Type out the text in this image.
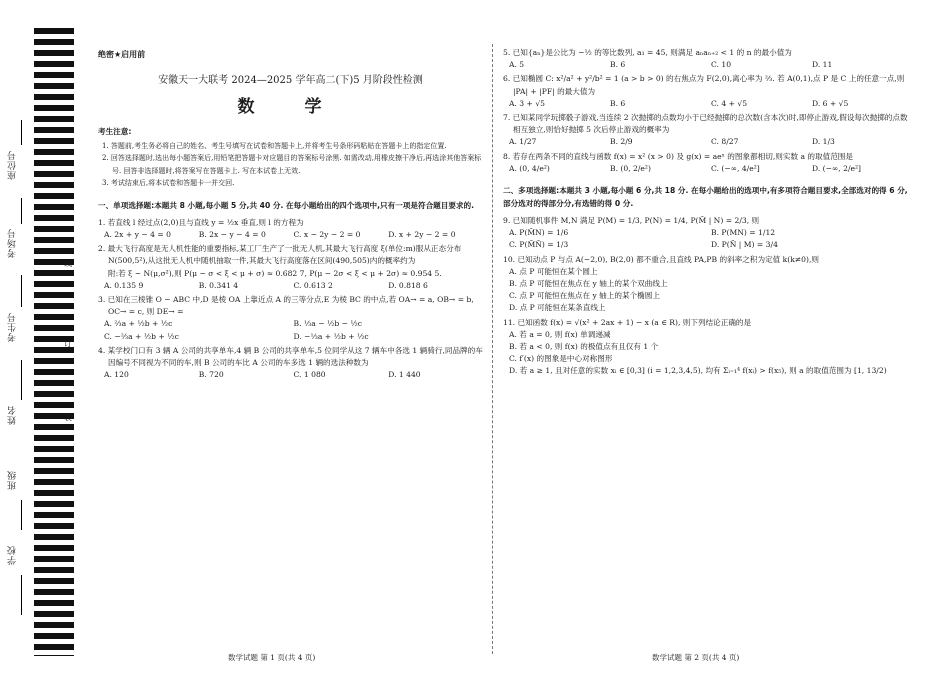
座位号
考场号
考生号
姓名
班级
学校
线
订
装
绝密★启用前
安徽天一大联考 2024—2025 学年高二(下)5 月阶段性检测
数 学
考生注意:
1. 答题前,考生务必将自己的姓名、考生号填写在试卷和答题卡上,并将考生号条形码粘贴在答题卡上的指定位置.
2. 回答选择题时,选出每小题答案后,用铅笔把答题卡对应题目的答案标号涂黑. 如需改动,用橡皮擦干净后,再选涂其他答案标号. 回答非选择题时,将答案写在答题卡上. 写在本试卷上无效.
3. 考试结束后,将本试卷和答题卡一并交回.
一、单项选择题:本题共 8 小题,每小题 5 分,共 40 分. 在每小题给出的四个选项中,只有一项是符合题目要求的.
1. 若直线 l 经过点(2,0)且与直线 y = ½x 垂直,则 l 的方程为
A. 2x + y − 4 = 0	B. 2x − y − 4 = 0	C. x − 2y − 2 = 0	D. x + 2y − 2 = 0
2. 最大飞行高度是无人机性能的重要指标,某工厂生产了一批无人机,其最大飞行高度 ξ(单位:m)服从正态分布 N(500,5²),从这批无人机中随机抽取一件,其最大飞行高度落在区间(490,505)内的概率约为
附:若 ξ ~ N(μ,σ²),则 P(μ − σ < ξ < μ + σ) ≈ 0.682 7, P(μ − 2σ < ξ < μ + 2σ) ≈ 0.954 5.
A. 0.135 9	B. 0.341 4	C. 0.613 2	D. 0.818 6
3. 已知在三棱锥 O − ABC 中,D 是棱 OA 上靠近点 A 的三等分点,E 为棱 BC 的中点,若 OA→ = a, OB→ = b, OC→ = c, 则 DE→ =
A. ⅔a + ½b + ½c	B. ⅓a − ½b − ½c
C. −⅔a + ½b + ½c	D. −⅓a + ½b + ½c
4. 某学校门口有 3 辆 A 公司的共享单车,4 辆 B 公司的共享单车,5 位同学从这 7 辆车中各选 1 辆骑行,同品牌的车因编号不同视为不同的车,则 B 公司的车比 A 公司的车多选 1 辆的选法种数为
A. 120	B. 720	C. 1 080	D. 1 440
5. 已知{aₙ}是公比为 −½ 的等比数列, a₁ = 45, 则满足 aₙaₙ₊₂ < 1 的 n 的最小值为
A. 5	B. 6	C. 10	D. 11
6. 已知椭圆 C: x²/a² + y²/b² = 1 (a > b > 0) 的右焦点为 F(2,0),离心率为 ⅔. 若 A(0,1),点 P 是 C 上的任意一点,则 |PA| + |PF| 的最大值为
A. 3 + √5	B. 6	C. 4 + √5	D. 6 + √5
7. 已知某同学玩掷骰子游戏,当连续 2 次抛掷的点数均小于已经抛掷的总次数(含本次)时,即停止游戏,假设每次抛掷的点数相互独立,则恰好抛掷 5 次后停止游戏的概率为
A. 1/27	B. 2/9	C. 8/27	D. 1/3
8. 若存在两条不同的直线与函数 f(x) = x² (x > 0) 及 g(x) = aeˣ 的图象都相切,则实数 a 的取值范围是
A. (0, 4/e²)	B. (0, 2/e²)	C. (−∞, 4/e²]	D. (−∞, 2/e²]
二、多项选择题:本题共 3 小题,每小题 6 分,共 18 分. 在每小题给出的选项中,有多项符合题目要求,全部选对的得 6 分,部分选对的得部分分,有选错的得 0 分.
9. 已知随机事件 M,N 满足 P(M) = 1/3, P(N) = 1/4, P(M̄ | N) = 2/3, 则
A. P(M̄N) = 1/6	B. P(MN) = 1/12
C. P(M̄N̄) = 1/3	D. P(N̄ | M) = 3/4
10. 已知动点 P 与点 A(−2,0), B(2,0) 都不重合,且直线 PA,PB 的斜率之积为定值 k(k≠0),则
A. 点 P 可能恒在某个圆上
B. 点 P 可能恒在焦点在 y 轴上的某个双曲线上
C. 点 P 可能恒在焦点在 y 轴上的某个椭圆上
D. 点 P 可能恒在某条直线上
11. 已知函数 f(x) = √(x² + 2ax + 1) − x (a ∈ R), 则下列结论正确的是
A. 若 a = 0, 则 f(x) 单调递减
B. 若 a < 0, 则 f(x) 的极值点有且仅有 1 个
C. f′(x) 的图象是中心对称图形
D. 若 a ≥ 1, 且对任意的实数 xᵢ ∈ [0,3] (i = 1,2,3,4,5), 均有 Σᵢ₌₁⁴ f(xᵢ) > f(x₅), 则 a 的取值范围为 [1, 13/2)
数学试题 第 1 页(共 4 页)	数学试题 第 2 页(共 4 页)
